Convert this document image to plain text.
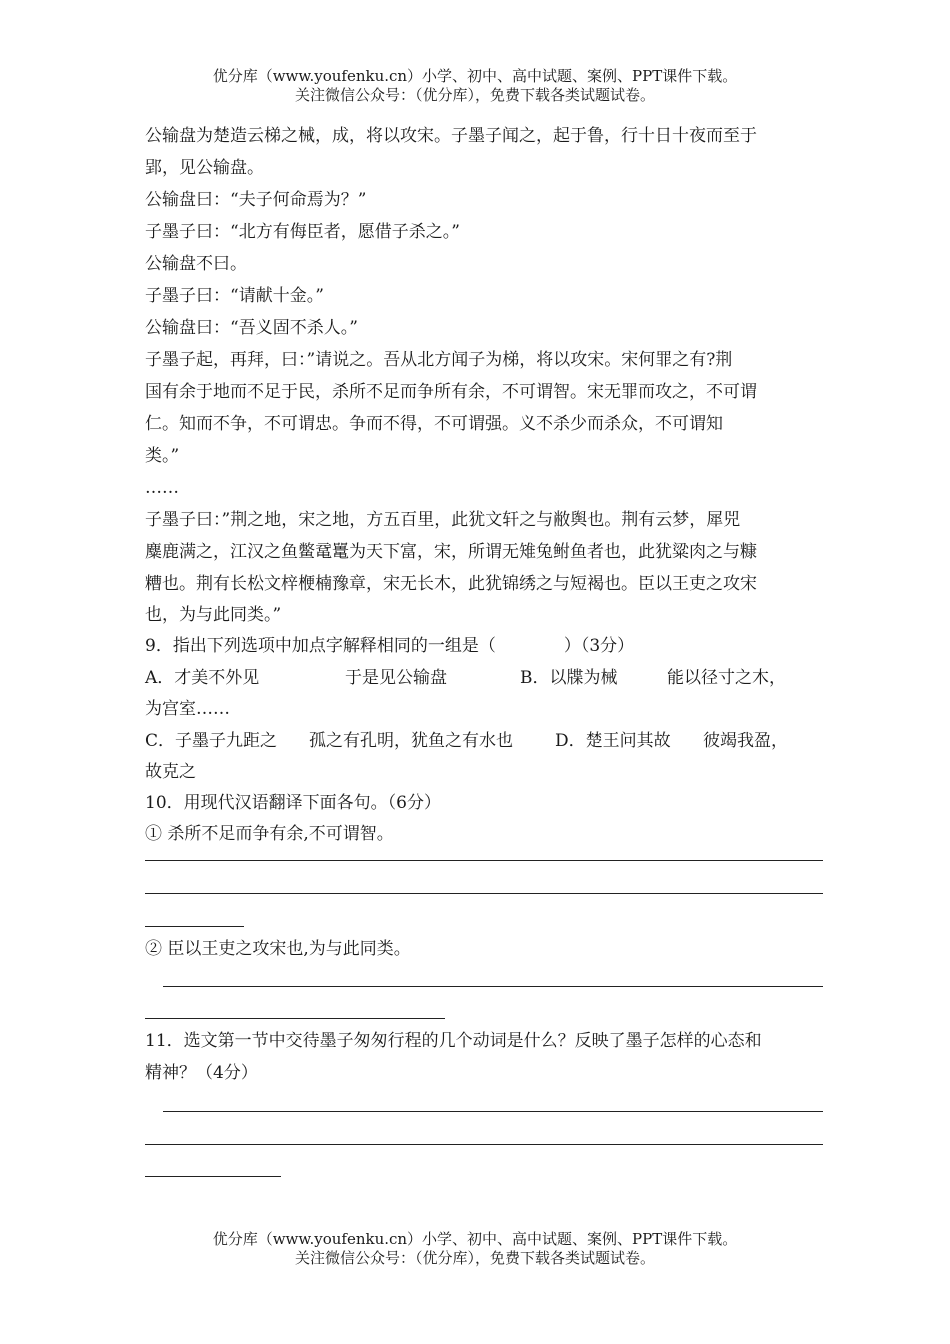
优分库（www.youfenku.cn）小学、初中、高中试题、案例、PPT课件下载。
关注微信公众号：（优分库），免费下载各类试题试卷。
公输盘为楚造云梯之械，成，将以攻宋。子墨子闻之，起于鲁，行十日十夜而至于
郢，见公输盘。
公输盘曰：“夫子何命焉为？”
子墨子曰：“北方有侮臣者，愿借子杀之。”
公输盘不曰。
子墨子曰：“请献十金。”
公输盘曰：“吾义固不杀人。”
子墨子起，再拜，曰：”请说之。吾从北方闻子为梯，将以攻宋。宋何罪之有?荆
国有余于地而不足于民，杀所不足而争所有余，不可谓智。宋无罪而攻之，不可谓
仁。知而不争，不可谓忠。争而不得，不可谓强。义不杀少而杀众，不可谓知
类。”
……
子墨子曰：”荆之地，宋之地，方五百里，此犹文轩之与敝舆也。荆有云梦，犀兕
麋鹿满之，江汉之鱼鳖鼋鼍为天下富，宋，所谓无雉兔鲋鱼者也，此犹粱肉之与糠
糟也。荆有长松文梓楩楠豫章，宋无长木，此犹锦绣之与短褐也。臣以王吏之攻宋
也，为与此同类。”
9．指出下列选项中加点字解释相同的一组是（　　　　）（3分）
A．才美不外见	于是见公输盘	B．以牒为械	能以径寸之木，
为宫室……
C．子墨子九距之 孤之有孔明，犹鱼之有水也 D．楚王问其故 彼竭我盈，
故克之
10．用现代汉语翻译下面各句。（6分）
① 杀所不足而争有余,不可谓智。
② 臣以王吏之攻宋也,为与此同类。
11．选文第一节中交待墨子匆匆行程的几个动词是什么？反映了墨子怎样的心态和
精神？（4分）
优分库（www.youfenku.cn）小学、初中、高中试题、案例、PPT课件下载。
关注微信公众号：（优分库），免费下载各类试题试卷。
